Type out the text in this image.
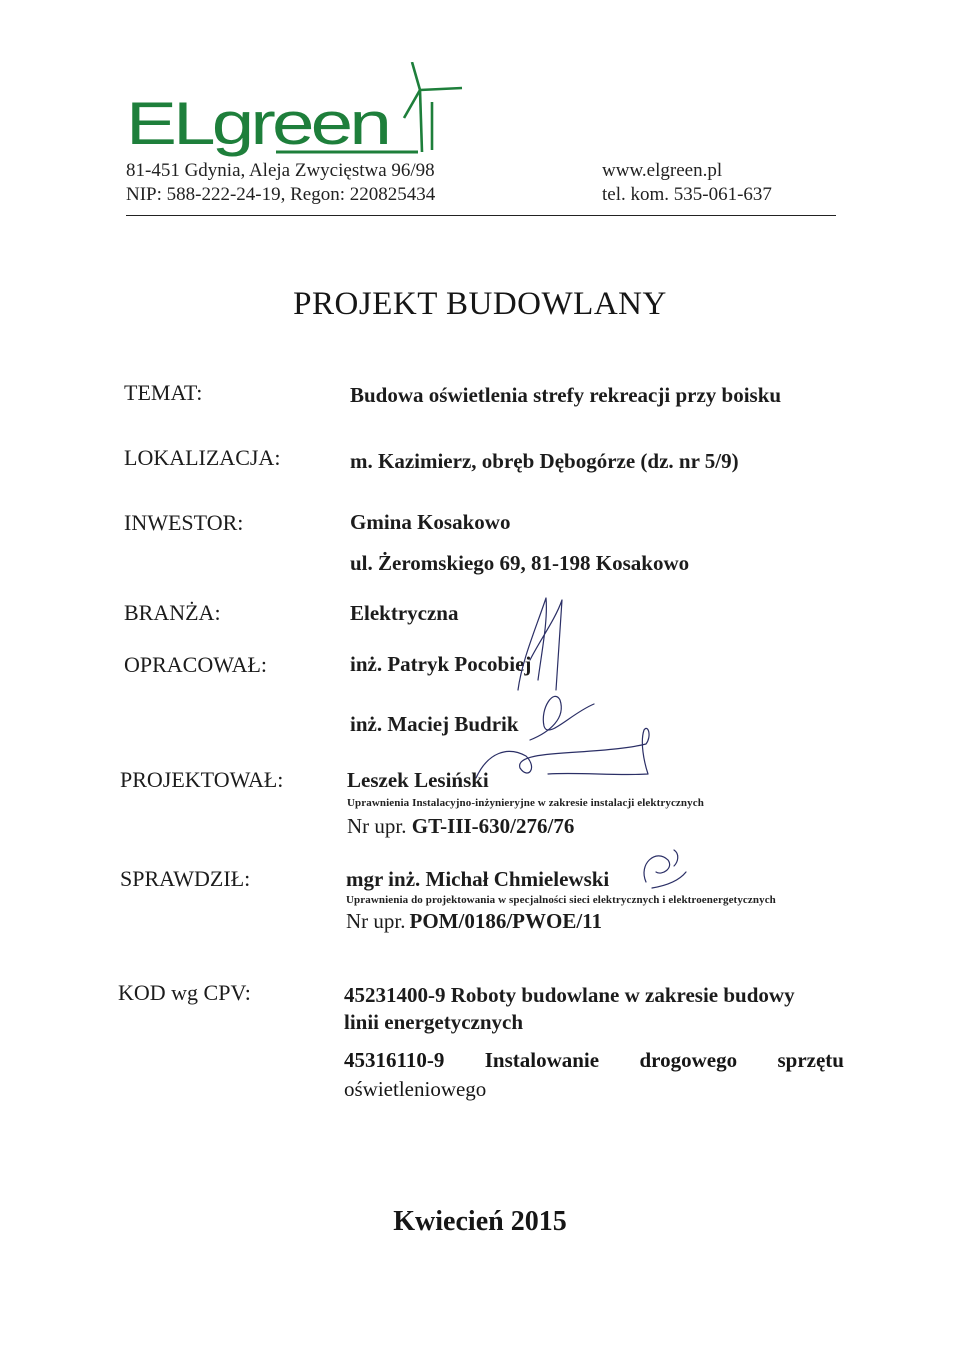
ELgreen
81-451 Gdynia, Aleja Zwycięstwa 96/98
NIP: 588-222-24-19, Regon: 220825434
www.elgreen.pl
tel. kom. 535-061-637
PROJEKT BUDOWLANY
TEMAT:	Budowa oświetlenia strefy rekreacji przy boisku
LOKALIZACJA:	m. Kazimierz, obręb Dębogórze (dz. nr 5/9)
INWESTOR:	Gmina Kosakowo
ul. Żeromskiego 69, 81-198 Kosakowo
BRANŻA:	Elektryczna
OPRACOWAŁ:	inż. Patryk Pocobiej
inż. Maciej Budrik
PROJEKTOWAŁ:	Leszek Lesiński
Uprawnienia Instalacyjno-inżynieryjne w zakresie instalacji elektrycznych
Nr upr. GT-III-630/276/76
SPRAWDZIŁ:	mgr inż. Michał Chmielewski
Uprawnienia do projektowania w specjalności sieci elektrycznych i elektroenergetycznych
Nr upr. POM/0186/PWOE/11
KOD wg CPV:	45231400-9 Roboty budowlane w zakresie budowy
linii energetycznych
45316110-9 Instalowanie drogowego sprzętu
oświetleniowego
Kwiecień 2015
